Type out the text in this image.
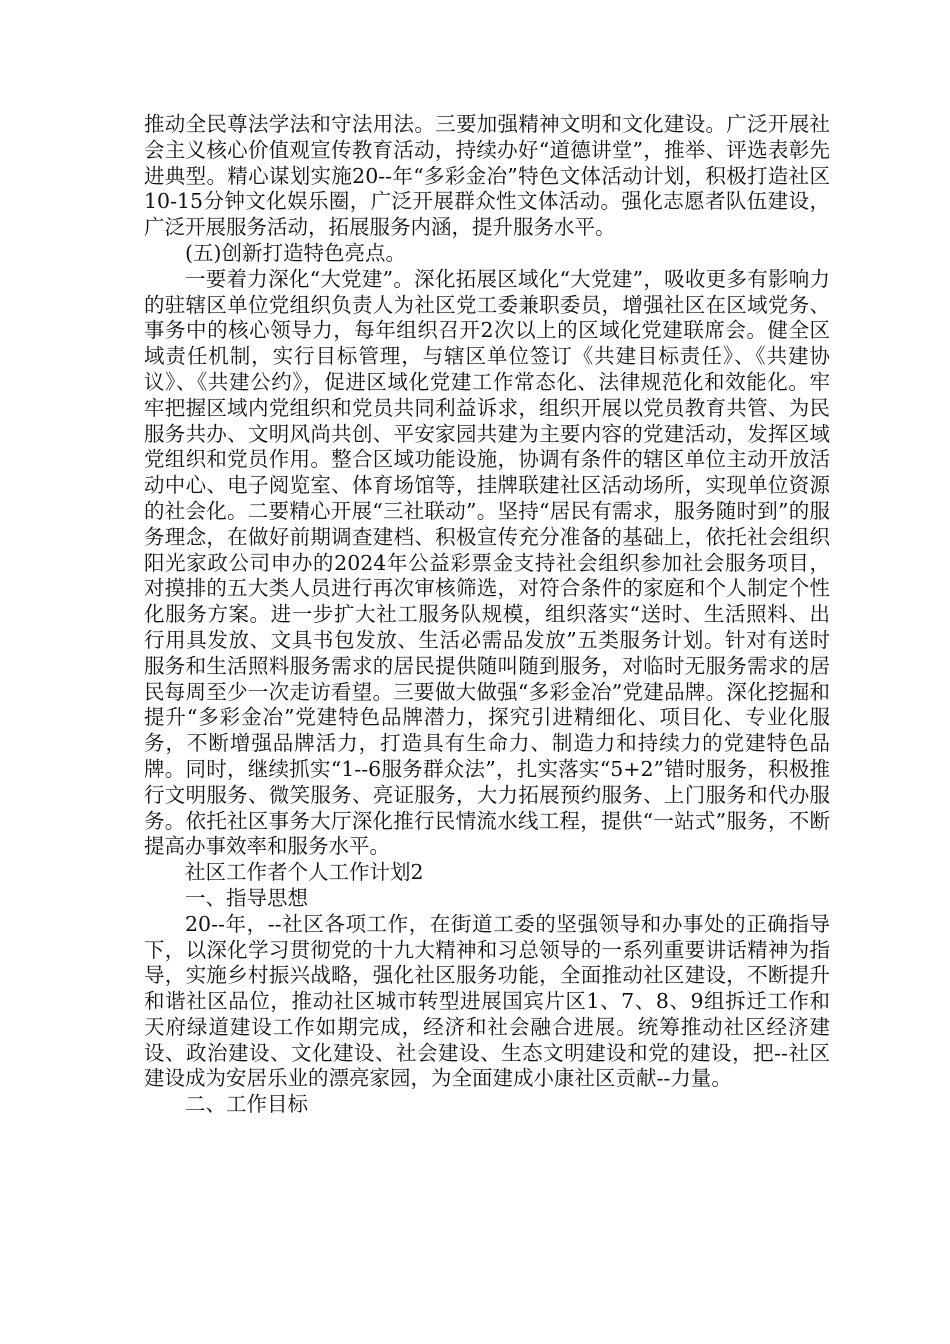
推动全民尊法学法和守法用法。三要加强精神文明和文化建设。广泛开展社会主义核心价值观宣传教育活动，持续办好“道德讲堂”，推举、评选表彰先进典型。精心谋划实施20--年“多彩金冶”特色文体活动计划，积极打造社区10-15分钟文化娱乐圈，广泛开展群众性文体活动。强化志愿者队伍建设，广泛开展服务活动，拓展服务内涵，提升服务水平。

(五)创新打造特色亮点。

一要着力深化“大党建”。深化拓展区域化“大党建”，吸收更多有影响力的驻辖区单位党组织负责人为社区党工委兼职委员，增强社区在区域党务、事务中的核心领导力，每年组织召开2次以上的区域化党建联席会。健全区域责任机制，实行目标管理，与辖区单位签订《共建目标责任》、《共建协议》、《共建公约》，促进区域化党建工作常态化、法律规范化和效能化。牢牢把握区域内党组织和党员共同利益诉求，组织开展以党员教育共管、为民服务共办、文明风尚共创、平安家园共建为主要内容的党建活动，发挥区域党组织和党员作用。整合区域功能设施，协调有条件的辖区单位主动开放活动中心、电子阅览室、体育场馆等，挂牌联建社区活动场所，实现单位资源的社会化。二要精心开展“三社联动”。坚持“居民有需求，服务随时到”的服务理念，在做好前期调查建档、积极宣传充分准备的基础上，依托社会组织阳光家政公司申办的2024年公益彩票金支持社会组织参加社会服务项目，对摸排的五大类人员进行再次审核筛选，对符合条件的家庭和个人制定个性化服务方案。进一步扩大社工服务队规模，组织落实“送时、生活照料、出行用具发放、文具书包发放、生活必需品发放”五类服务计划。针对有送时服务和生活照料服务需求的居民提供随叫随到服务，对临时无服务需求的居民每周至少一次走访看望。三要做大做强“多彩金冶”党建品牌。深化挖掘和提升“多彩金冶”党建特色品牌潜力，探究引进精细化、项目化、专业化服务，不断增强品牌活力，打造具有生命力、制造力和持续力的党建特色品牌。同时，继续抓实“1--6服务群众法”，扎实落实“5+2”错时服务，积极推行文明服务、微笑服务、亮证服务，大力拓展预约服务、上门服务和代办服务。依托社区事务大厅深化推行民情流水线工程，提供“一站式”服务，不断提高办事效率和服务水平。

社区工作者个人工作计划2

一、指导思想

20--年，--社区各项工作，在街道工委的坚强领导和办事处的正确指导下，以深化学习贯彻党的十九大精神和习总领导的一系列重要讲话精神为指导，实施乡村振兴战略，强化社区服务功能，全面推动社区建设，不断提升和谐社区品位，推动社区城市转型进展国宾片区1、7、8、9组拆迁工作和天府绿道建设工作如期完成，经济和社会融合进展。统筹推动社区经济建设、政治建设、文化建设、社会建设、生态文明建设和党的建设，把--社区建设成为安居乐业的漂亮家园，为全面建成小康社区贡献--力量。

二、工作目标
